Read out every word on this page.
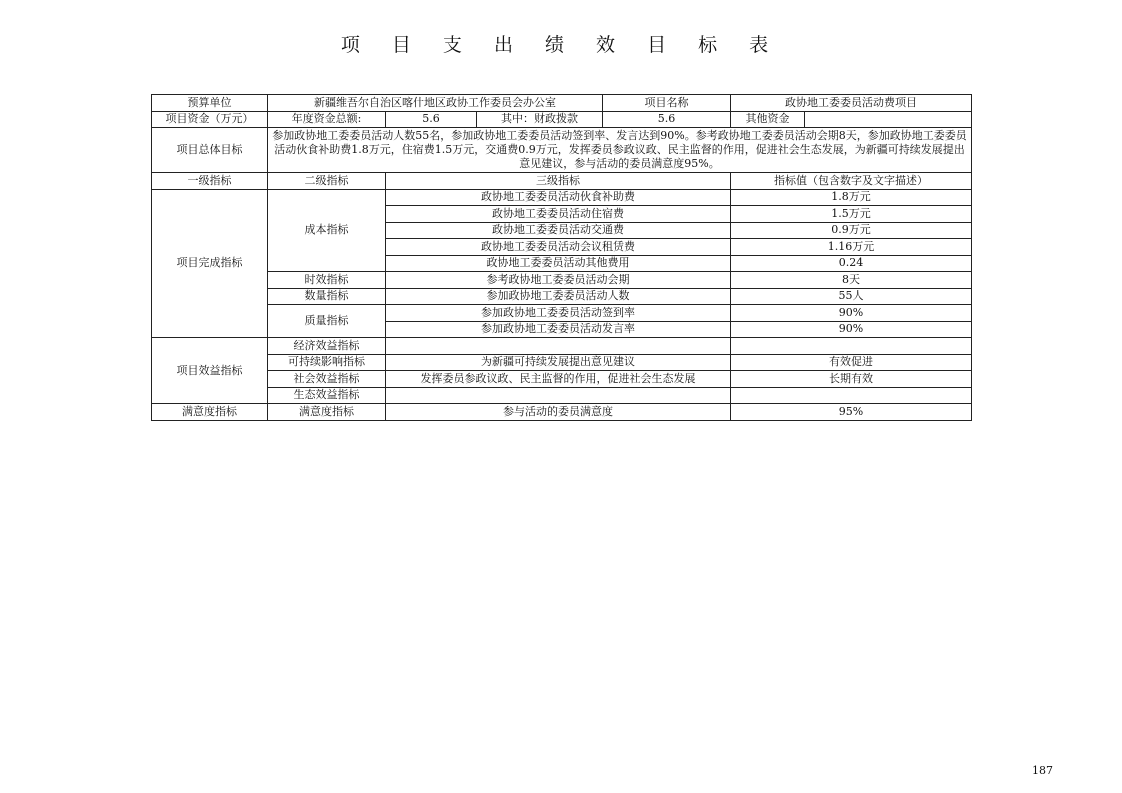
项 目 支 出 绩 效 目 标 表
预算单位	新疆维吾尔自治区喀什地区政协工作委员会办公室			项目名称	政协地工委委员活动费项目	
项目资金（万元）	年度资金总额:	5.6	其中：财政拨款	5.6	其他资金	
项目总体目标	参加政协地工委委员活动人数55名，参加政协地工委委员活动签到率、发言达到90%。参考政协地工委委员活动会期8天，参加政协地工委委员活动伙食补助费1.8万元，住宿费1.5万元，交通费0.9万元，发挥委员参政议政、民主监督的作用，促进社会生态发展，为新疆可持续发展提出意见建议，参与活动的委员满意度95%。					
一级指标	二级指标	三级指标			指标值（包含数字及文字描述）	
项目完成指标	成本指标	政协地工委委员活动伙食补助费			1.8万元	
		政协地工委委员活动住宿费			1.5万元	
		政协地工委委员活动交通费			0.9万元	
		政协地工委委员活动会议租赁费			1.16万元	
		政协地工委委员活动其他费用			0.24	
	时效指标	参考政协地工委委员活动会期			8天	
	数量指标	参加政协地工委委员活动人数			55人	
	质量指标	参加政协地工委委员活动签到率			90%	
		参加政协地工委委员活动发言率			90%	
项目效益指标	经济效益指标					
	可持续影响指标	为新疆可持续发展提出意见建议			有效促进	
	社会效益指标	发挥委员参政议政、民主监督的作用，促进社会生态发展			长期有效	
	生态效益指标					
满意度指标	满意度指标	参与活动的委员满意度			95%	
187
